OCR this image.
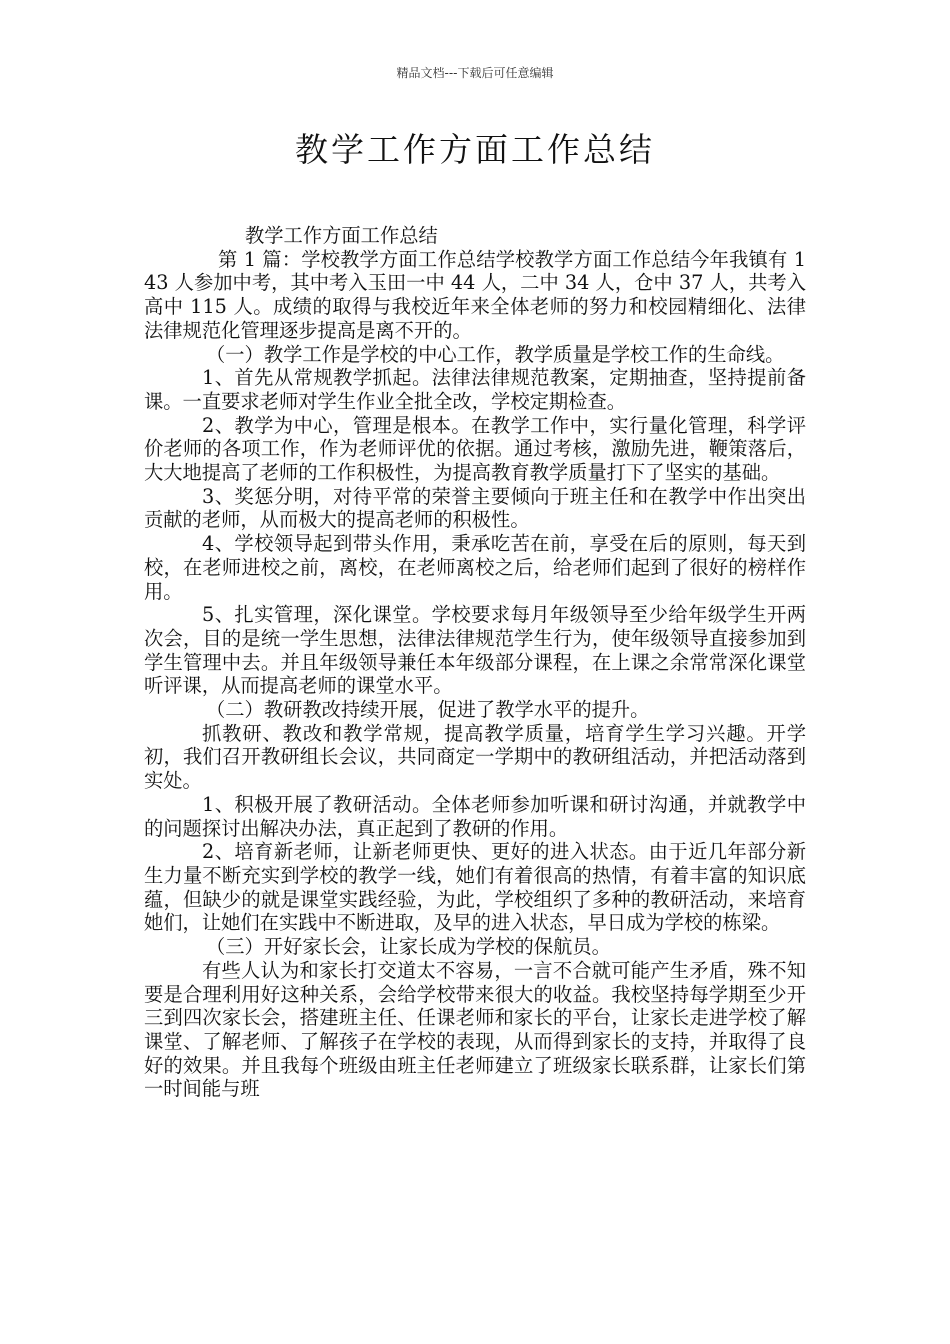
精品文档---下载后可任意编辑
教学工作方面工作总结

教学工作方面工作总结

第 1 篇：学校教学方面工作总结学校教学方面工作总结今年我镇有 143 人参加中考，其中考入玉田一中 44 人，二中 34 人，仓中 37 人，共考入高中 115 人。成绩的取得与我校近年来全体老师的努力和校园精细化、法律法律规范化管理逐步提高是离不开的。

（一）教学工作是学校的中心工作，教学质量是学校工作的生命线。

1、首先从常规教学抓起。法律法律规范教案，定期抽查，坚持提前备课。一直要求老师对学生作业全批全改，学校定期检查。

2、教学为中心，管理是根本。在教学工作中，实行量化管理，科学评价老师的各项工作，作为老师评优的依据。通过考核，激励先进，鞭策落后，大大地提高了老师的工作积极性，为提高教育教学质量打下了坚实的基础。

3、奖惩分明，对待平常的荣誉主要倾向于班主任和在教学中作出突出贡献的老师，从而极大的提高老师的积极性。

4、学校领导起到带头作用，秉承吃苦在前，享受在后的原则，每天到校，在老师进校之前，离校，在老师离校之后，给老师们起到了很好的榜样作用。

5、扎实管理，深化课堂。学校要求每月年级领导至少给年级学生开两次会，目的是统一学生思想，法律法律规范学生行为，使年级领导直接参加到学生管理中去。并且年级领导兼任本年级部分课程，在上课之余常常深化课堂听评课，从而提高老师的课堂水平。

（二）教研教改持续开展，促进了教学水平的提升。

抓教研、教改和教学常规，提高教学质量，培育学生学习兴趣。开学初，我们召开教研组长会议，共同商定一学期中的教研组活动，并把活动落到实处。

1、积极开展了教研活动。全体老师参加听课和研讨沟通，并就教学中的问题探讨出解决办法，真正起到了教研的作用。

2、培育新老师，让新老师更快、更好的进入状态。由于近几年部分新生力量不断充实到学校的教学一线，她们有着很高的热情，有着丰富的知识底蕴，但缺少的就是课堂实践经验，为此，学校组织了多种的教研活动，来培育她们，让她们在实践中不断进取，及早的进入状态，早日成为学校的栋梁。

（三）开好家长会，让家长成为学校的保航员。

有些人认为和家长打交道太不容易，一言不合就可能产生矛盾，殊不知要是合理利用好这种关系，会给学校带来很大的收益。我校坚持每学期至少开三到四次家长会，搭建班主任、任课老师和家长的平台，让家长走进学校了解课堂、了解老师、了解孩子在学校的表现，从而得到家长的支持，并取得了良好的效果。并且我每个班级由班主任老师建立了班级家长联系群，让家长们第一时间能与班
